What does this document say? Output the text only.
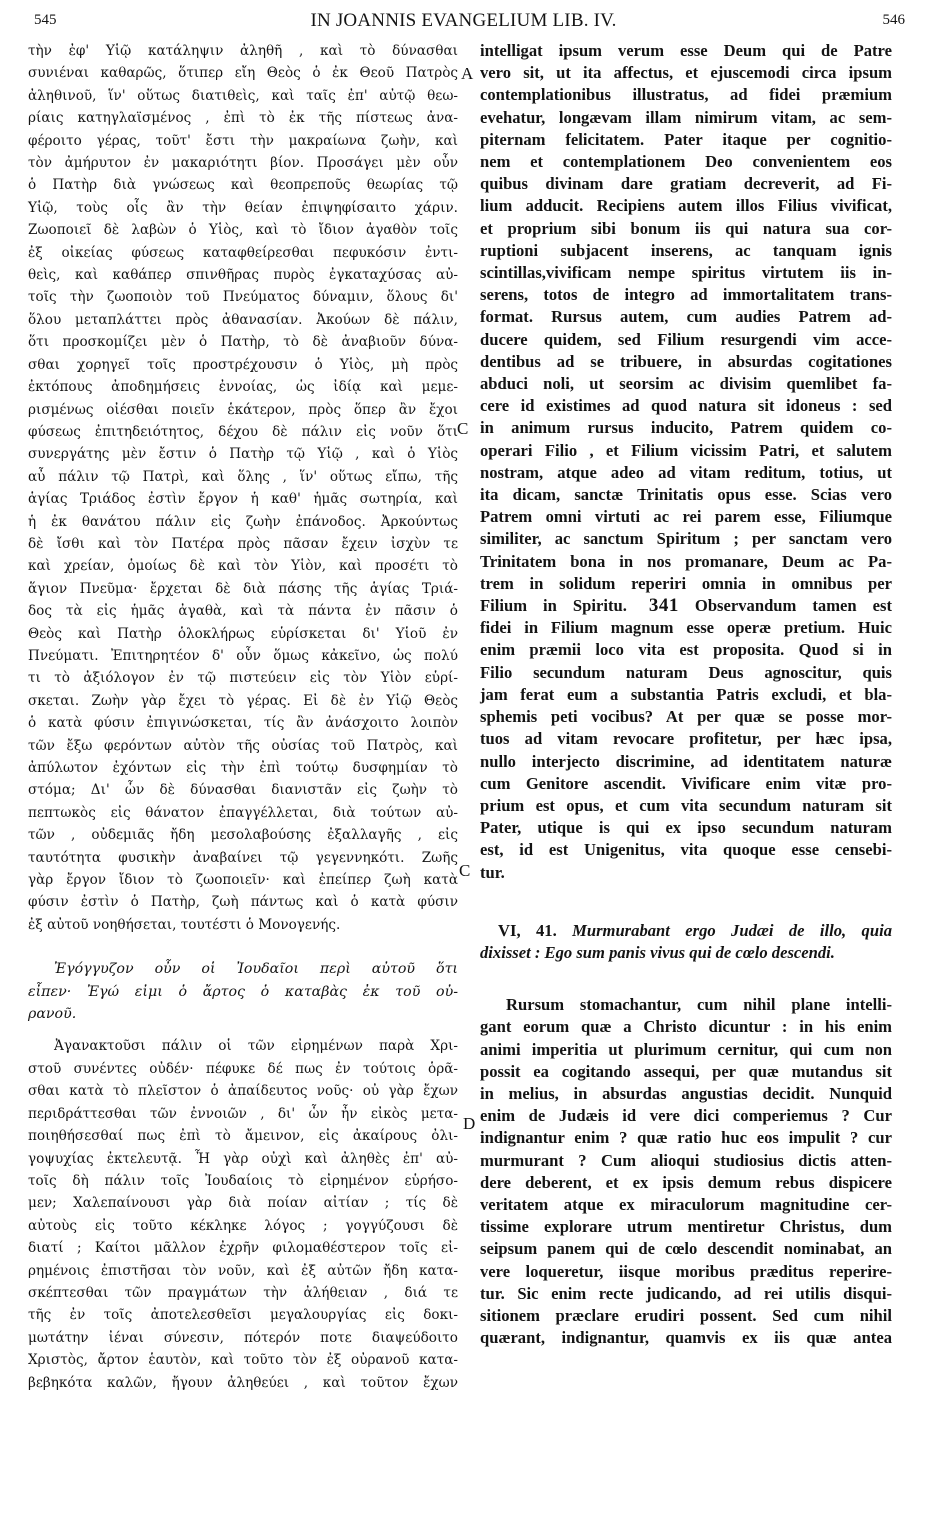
545	IN JOANNIS EVANGELIUM LIB. IV.	546
A
C
C
D
τὴν ἐφ' Υἱῷ κατάληψιν ἀληθῆ , καὶ τὸ δύνασθαι
συνιέναι καθαρῶς, ὅτιπερ εἴη Θεὸς ὁ ἐκ Θεοῦ Πατρὸς
ἀληθινοῦ, ἵν' οὕτως διατιθεὶς, καὶ ταῖς ἐπ' αὐτῷ θεω-
ρίαις κατηγλαϊσμένος , ἐπὶ τὸ ἐκ τῆς πίστεως ἀνα-
φέροιτο γέρας, τοῦτ' ἔστι τὴν μακραίωνα ζωὴν, καὶ
τὸν ἀμήρυτον ἐν μακαριότητι βίον. Προσάγει μὲν οὖν
ὁ Πατὴρ διὰ γνώσεως καὶ θεοπρεποῦς θεωρίας τῷ
Υἱῷ, τοὺς οἷς ἂν τὴν θείαν ἐπιψηφίσαιτο χάριν.
Ζωοποιεῖ δὲ λαβὼν ὁ Υἱὸς, καὶ τὸ ἴδιον ἀγαθὸν τοῖς
ἐξ οἰκείας φύσεως καταφθείρεσθαι πεφυκόσιν ἐντι-
θεὶς, καὶ καθάπερ σπινθῆρας πυρὸς ἐγκαταχύσας αὐ-
τοῖς τὴν ζωοποιὸν τοῦ Πνεύματος δύναμιν, ὅλους δι'
ὅλου μεταπλάττει πρὸς ἀθανασίαν. Ἀκούων δὲ πάλιν,
ὅτι προσκομίζει μὲν ὁ Πατὴρ, τὸ δὲ ἀναβιοῦν δύνα-
σθαι χορηγεῖ τοῖς προστρέχουσιν ὁ Υἱὸς, μὴ πρὸς
ἐκτόπους ἀποδημήσεις ἐννοίας, ὡς ἰδίᾳ καὶ μεμε-
ρισμένως οἰέσθαι ποιεῖν ἑκάτερον, πρὸς ὅπερ ἂν ἔχοι
φύσεως ἐπιτηδειότητος, δέχου δὲ πάλιν εἰς νοῦν ὅτι
συνεργάτης μὲν ἔστιν ὁ Πατὴρ τῷ Υἱῷ , καὶ ὁ Υἱὸς
αὖ πάλιν τῷ Πατρὶ, καὶ ὅλης , ἵν' οὕτως εἴπω, τῆς
ἁγίας Τριάδος ἐστὶν ἔργον ἡ καθ' ἡμᾶς σωτηρία, καὶ
ἡ ἐκ θανάτου πάλιν εἰς ζωὴν ἐπάνοδος. Ἀρκούντως
δὲ ἴσθι καὶ τὸν Πατέρα πρὸς πᾶσαν ἔχειν ἰσχὺν τε
καὶ χρείαν, ὁμοίως δὲ καὶ τὸν Υἱὸν, καὶ προσέτι τὸ
ἅγιον Πνεῦμα· ἔρχεται δὲ διὰ πάσης τῆς ἁγίας Τριά-
δος τὰ εἰς ἡμᾶς ἀγαθὰ, καὶ τὰ πάντα ἐν πᾶσιν ὁ
Θεὸς καὶ Πατὴρ ὁλοκλήρως εὑρίσκεται δι' Υἱοῦ ἐν
Πνεύματι. Ἐπιτηρητέον δ' οὖν ὅμως κἀκεῖνο, ὡς πολύ
τι τὸ ἀξιόλογον ἐν τῷ πιστεύειν εἰς τὸν Υἱὸν εὑρί-
σκεται. Ζωὴν γὰρ ἔχει τὸ γέρας. Εἰ δὲ ἐν Υἱῷ Θεὸς
ὁ κατὰ φύσιν ἐπιγινώσκεται, τίς ἂν ἀνάσχοιτο λοιπὸν
τῶν ἔξω φερόντων αὐτὸν τῆς οὐσίας τοῦ Πατρὸς, καὶ
ἀπύλωτον ἐχόντων εἰς τὴν ἐπὶ τούτῳ δυσφημίαν τὸ
στόμα; Δι' ὧν δὲ δύνασθαι διανιστᾶν εἰς ζωὴν τὸ
πεπτωκὸς εἰς θάνατον ἐπαγγέλλεται, διὰ τούτων αὐ-
τῶν , οὐδεμιᾶς ἤδη μεσολαβούσης ἐξαλλαγῆς , εἰς
ταυτότητα φυσικὴν ἀναβαίνει τῷ γεγεννηκότι. Ζωῆς
γὰρ ἔργον ἴδιον τὸ ζωοποιεῖν· καὶ ἐπείπερ ζωὴ κατὰ
φύσιν ἐστὶν ὁ Πατὴρ, ζωὴ πάντως καὶ ὁ κατὰ φύσιν
ἐξ αὐτοῦ νοηθήσεται, τουτέστι ὁ Μονογενής.
Ἐγόγγυζον οὖν οἱ Ἰουδαῖοι περὶ αὐτοῦ ὅτι
εἶπεν· Ἐγώ εἰμι ὁ ἄρτος ὁ καταβὰς ἐκ τοῦ οὐ-
ρανοῦ.
Ἀγανακτοῦσι πάλιν οἱ τῶν εἰρημένων παρὰ Χρι-
στοῦ συνέντες οὐδέν· πέφυκε δέ πως ἐν τούτοις ὁρᾶ-
σθαι κατὰ τὸ πλεῖστον ὁ ἀπαίδευτος νοῦς· οὐ γὰρ ἔχων
περιδράττεσθαι τῶν ἐννοιῶν , δι' ὧν ἦν εἰκὸς μετα-
ποιηθήσεσθαί πως ἐπὶ τὸ ἄμεινον, εἰς ἀκαίρους ὀλι-
γοψυχίας ἐκτελευτᾷ. Ἦ γὰρ οὐχὶ καὶ ἀληθὲς ἐπ' αὐ-
τοῖς δὴ πάλιν τοῖς Ἰουδαίοις τὸ εἰρημένον εὑρήσο-
μεν; Χαλεπαίνουσι γὰρ διὰ ποίαν αἰτίαν ; τίς δὲ
αὐτοὺς εἰς τοῦτο κέκληκε λόγος ; γογγύζουσι δὲ
διατί ; Καίτοι μᾶλλον ἐχρῆν φιλομαθέστερον τοῖς εἰ-
ρημένοις ἐπιστῆσαι τὸν νοῦν, καὶ ἐξ αὐτῶν ἤδη κατα-
σκέπτεσθαι τῶν πραγμάτων τὴν ἀλήθειαν , διά τε
τῆς ἐν τοῖς ἀποτελεσθεῖσι μεγαλουργίας εἰς δοκι-
μωτάτην ἰέναι σύνεσιν, πότερόν ποτε διαψεύδοιτο
Χριστὸς, ἄρτον ἑαυτὸν, καὶ τοῦτο τὸν ἐξ οὐρανοῦ κατα-
βεβηκότα καλῶν, ἤγουν ἀληθεύει , καὶ τοῦτον ἔχων
intelligat ipsum verum esse Deum qui de Patre
vero sit, ut ita affectus, et ejuscemodi circa ipsum
contemplationibus illustratus, ad fidei præmium
evehatur, longævam illam nimirum vitam, ac sem-
piternam felicitatem. Pater itaque per cognitio-
nem et contemplationem Deo convenientem eos
quibus divinam dare gratiam decreverit, ad Fi-
lium adducit. Recipiens autem illos Filius vivificat,
et proprium sibi bonum iis qui natura sua cor-
ruptioni subjacent inserens, ac tanquam ignis
scintillas,vivificam nempe spiritus virtutem iis in-
serens, totos de integro ad immortalitatem trans-
format. Rursus autem, cum audies Patrem ad-
ducere quidem, sed Filium resurgendi vim acce-
dentibus ad se tribuere, in absurdas cogitationes
abduci noli, ut seorsim ac divisim quemlibet fa-
cere id existimes ad quod natura sit idoneus : sed
in animum rursus inducito, Patrem quidem co-
operari Filio , et Filium vicissim Patri, et salutem
nostram, atque adeo ad vitam reditum, totius, ut
ita dicam, sanctæ Trinitatis opus esse. Scias vero
Patrem omni virtuti ac rei parem esse, Filiumque
similiter, ac sanctum Spiritum ; per sanctam vero
Trinitatem bona in nos promanare, Deum ac Pa-
trem in solidum reperiri omnia in omnibus per
Filium in Spiritu. 341 Observandum tamen est
fidei in Filium magnum esse operæ pretium. Huic
enim præmii loco vita est proposita. Quod si in
Filio secundum naturam Deus agnoscitur, quis
jam ferat eum a substantia Patris excludi, et bla-
sphemis peti vocibus? At per quæ se posse mor-
tuos ad vitam revocare profitetur, per hæc ipsa,
nullo interjecto discrimine, ad identitatem naturæ
cum Genitore ascendit. Vivificare enim vitæ pro-
prium est opus, et cum vita secundum naturam sit
Pater, utique is qui ex ipso secundum naturam
est, id est Unigenitus, vita quoque esse censebi-
tur.
VI, 41. Murmurabant ergo Judæi de illo, quia
dixisset : Ego sum panis vivus qui de cœlo descendi.
Rursum stomachantur, cum nihil plane intelli-
gant eorum quæ a Christo dicuntur : in his enim
animi imperitia ut plurimum cernitur, qui cum non
possit ea cogitando assequi, per quæ mutandus sit
in melius, in absurdas angustias decidit. Nunquid
enim de Judæis id vere dici comperiemus ? Cur
indignantur enim ? quæ ratio huc eos impulit ? cur
murmurant ? Cum alioqui studiosius dictis atten-
dere deberent, et ex ipsis demum rebus dispicere
veritatem atque ex miraculorum magnitudine cer-
tissime explorare utrum mentiretur Christus, dum
seipsum panem qui de cœlo descendit nominabat, an
vere loqueretur, iisque moribus præditus reperire-
tur. Sic enim recte judicando, ad rei utilis disqui-
sitionem præclare erudiri possent. Sed cum nihil
quærant, indignantur, quamvis ex iis quæ antea
